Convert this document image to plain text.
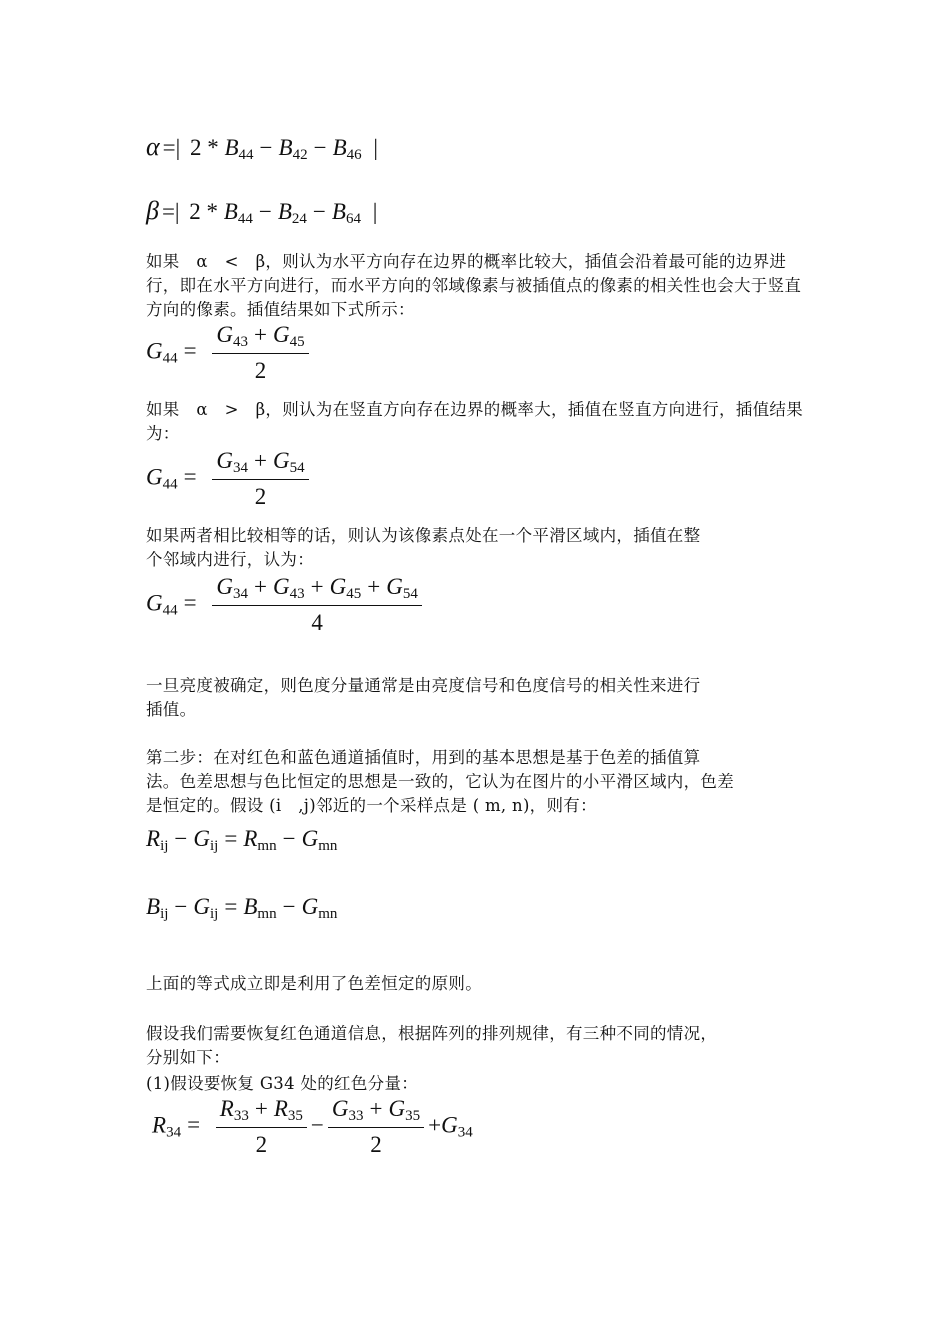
α =| $2 * B_{44} - B_{42} - B_{46}$ |
β =| $2 * B_{44} - B_{24} - B_{64}$ |
如果　α　<　β，则认为水平方向存在边界的概率比较大，插值会沿着最可能的边界进行，即在水平方向进行，而水平方向的邻域像素与被插值点的像素的相关性也会大于竖直方向的像素。插值结果如下式所示：
$G_{44} = \frac{G_{43} + G_{45}}{2}$
如果　α　>　β，则认为在竖直方向存在边界的概率大，插值在竖直方向进行，插值结果为：
$G_{44} = \frac{G_{34} + G_{54}}{2}$
如果两者相比较相等的话，则认为该像素点处在一个平滑区域内，插值在整
个邻域内进行，认为：
$G_{44} = \frac{G_{34} + G_{43} + G_{45} + G_{54}}{4}$
一旦亮度被确定，则色度分量通常是由亮度信号和色度信号的相关性来进行
插值。
第二步：在对红色和蓝色通道插值时，用到的基本思想是基于色差的插值算
法。色差思想与色比恒定的思想是一致的，它认为在图片的小平滑区域内，色差
是恒定的。假设 (i　,j)邻近的一个采样点是 ( m, n)，则有：
$R_{ij} - G_{ij} = R_{mn} - G_{mn}$
$B_{ij} - G_{ij} = B_{mn} - G_{mn}$
上面的等式成立即是利用了色差恒定的原则。
假设我们需要恢复红色通道信息，根据阵列的排列规律，有三种不同的情况，
分别如下：
(1)假设要恢复 G34 处的红色分量：
$R_{34} = \frac{R_{33} + R_{35}}{2} - \frac{G_{33} + G_{35}}{2} +G_{34}$
